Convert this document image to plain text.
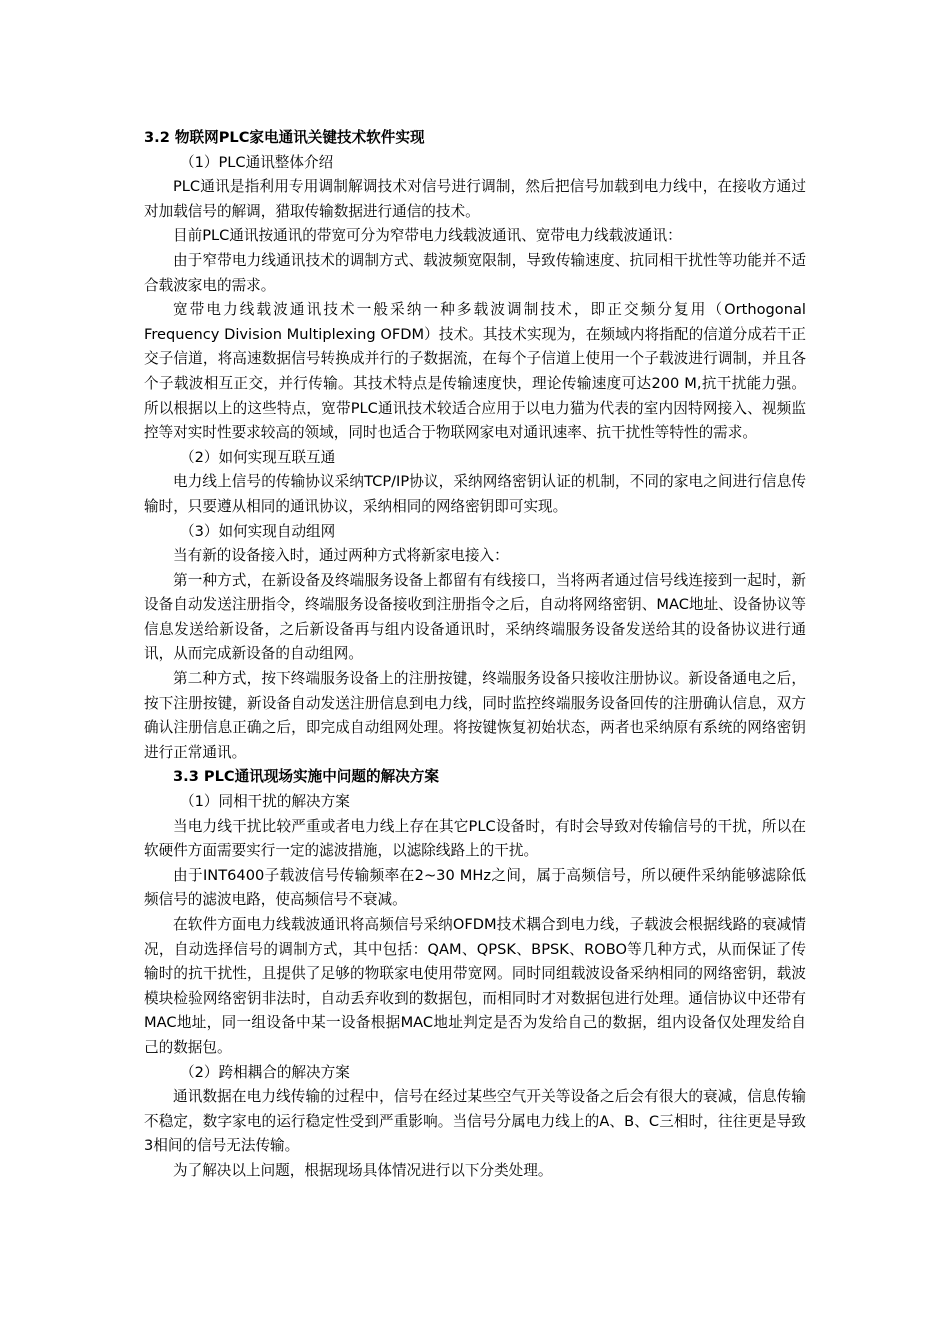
3.2 物联网PLC家电通讯关键技术软件实现

（1）PLC通讯整体介绍

PLC通讯是指利用专用调制解调技术对信号进行调制，然后把信号加载到电力线中，在接收方通过对加载信号的解调，猎取传输数据进行通信的技术。

目前PLC通讯按通讯的带宽可分为窄带电力线载波通讯、宽带电力线载波通讯：

由于窄带电力线通讯技术的调制方式、载波频宽限制，导致传输速度、抗同相干扰性等功能并不适合载波家电的需求。

宽带电力线载波通讯技术一般采纳一种多载波调制技术，即正交频分复用（Orthogonal Frequency Division Multiplexing OFDM）技术。其技术实现为，在频域内将指配的信道分成若干正交子信道，将高速数据信号转换成并行的子数据流，在每个子信道上使用一个子载波进行调制，并且各个子载波相互正交，并行传输。其技术特点是传输速度快，理论传输速度可达200 M,抗干扰能力强。所以根据以上的这些特点，宽带PLC通讯技术较适合应用于以电力猫为代表的室内因特网接入、视频监控等对实时性要求较高的领域，同时也适合于物联网家电对通讯速率、抗干扰性等特性的需求。

（2）如何实现互联互通

电力线上信号的传输协议采纳TCP/IP协议，采纳网络密钥认证的机制，不同的家电之间进行信息传输时，只要遵从相同的通讯协议，采纳相同的网络密钥即可实现。

（3）如何实现自动组网

当有新的设备接入时，通过两种方式将新家电接入：

第一种方式，在新设备及终端服务设备上都留有有线接口，当将两者通过信号线连接到一起时，新设备自动发送注册指令，终端服务设备接收到注册指令之后，自动将网络密钥、MAC地址、设备协议等信息发送给新设备，之后新设备再与组内设备通讯时，采纳终端服务设备发送给其的设备协议进行通讯，从而完成新设备的自动组网。

第二种方式，按下终端服务设备上的注册按键，终端服务设备只接收注册协议。新设备通电之后，按下注册按键，新设备自动发送注册信息到电力线，同时监控终端服务设备回传的注册确认信息，双方确认注册信息正确之后，即完成自动组网处理。将按键恢复初始状态，两者也采纳原有系统的网络密钥进行正常通讯。

3.3 PLC通讯现场实施中问题的解决方案

（1）同相干扰的解决方案

当电力线干扰比较严重或者电力线上存在其它PLC设备时，有时会导致对传输信号的干扰，所以在软硬件方面需要实行一定的滤波措施，以滤除线路上的干扰。

由于INT6400子载波信号传输频率在2~30 MHz之间，属于高频信号，所以硬件采纳能够滤除低频信号的滤波电路，使高频信号不衰减。

在软件方面电力线载波通讯将高频信号采纳OFDM技术耦合到电力线，子载波会根据线路的衰减情况，自动选择信号的调制方式，其中包括：QAM、QPSK、BPSK、ROBO等几种方式，从而保证了传输时的抗干扰性，且提供了足够的物联家电使用带宽网。同时同组载波设备采纳相同的网络密钥，载波模块检验网络密钥非法时，自动丢弃收到的数据包，而相同时才对数据包进行处理。通信协议中还带有MAC地址，同一组设备中某一设备根据MAC地址判定是否为发给自己的数据，组内设备仅处理发给自己的数据包。

（2）跨相耦合的解决方案

通讯数据在电力线传输的过程中，信号在经过某些空气开关等设备之后会有很大的衰减，信息传输不稳定，数字家电的运行稳定性受到严重影响。当信号分属电力线上的A、B、C三相时，往往更是导致3相间的信号无法传输。

为了解决以上问题，根据现场具体情况进行以下分类处理。
